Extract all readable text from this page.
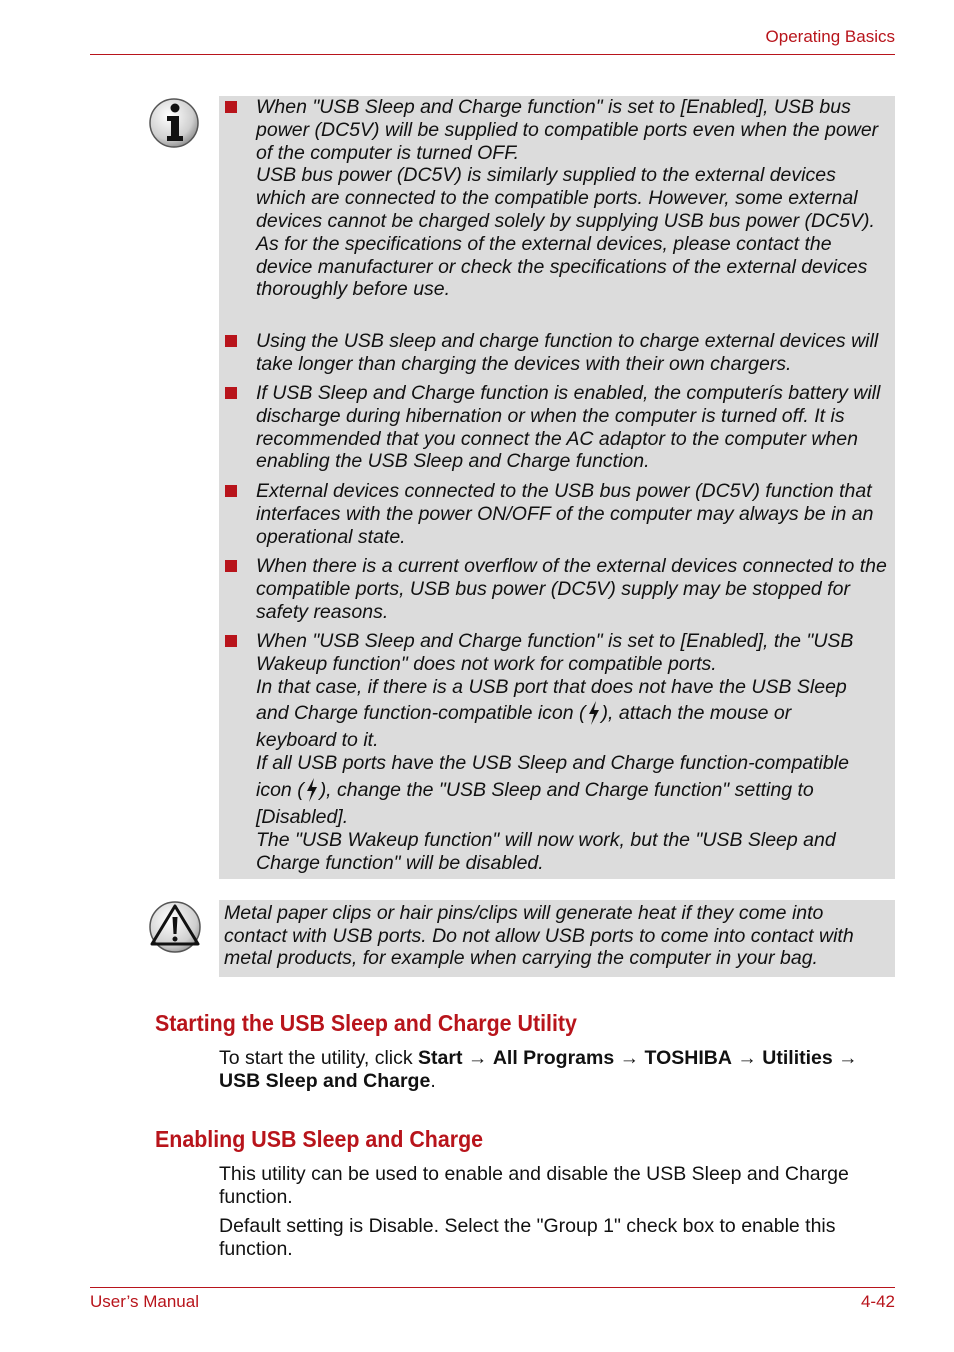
Operating Basics

When "USB Sleep and Charge function" is set to [Enabled], USB bus power (DC5V) will be supplied to compatible ports even when the power of the computer is turned OFF.

USB bus power (DC5V) is similarly supplied to the external devices which are connected to the compatible ports. However, some external devices cannot be charged solely by supplying USB bus power (DC5V).

As for the specifications of the external devices, please contact the device manufacturer or check the specifications of the external devices thoroughly before use.

Using the USB sleep and charge function to charge external devices will take longer than charging the devices with their own chargers.

If USB Sleep and Charge function is enabled, the computerís battery will discharge during hibernation or when the computer is turned off. It is recommended that you connect the AC adaptor to the computer when enabling the USB Sleep and Charge function.

External devices connected to the USB bus power (DC5V) function that interfaces with the power ON/OFF of the computer may always be in an operational state.

When there is a current overflow of the external devices connected to the compatible ports, USB bus power (DC5V) supply may be stopped for safety reasons.

When "USB Sleep and Charge function" is set to [Enabled], the "USB Wakeup function" does not work for compatible ports.

In that case, if there is a USB port that does not have the USB Sleep

and Charge function-compatible icon ( ), attach the mouse or

keyboard to it.

If all USB ports have the USB Sleep and Charge function-compatible

icon ( ), change the "USB Sleep and Charge function" setting to

[Disabled].

The "USB Wakeup function" will now work, but the "USB Sleep and Charge function" will be disabled.

Metal paper clips or hair pins/clips will generate heat if they come into contact with USB ports. Do not allow USB ports to come into contact with metal products, for example when carrying the computer in your bag.
Starting the USB Sleep and Charge Utility

To start the utility, click Start → All Programs → TOSHIBA → Utilities → USB Sleep and Charge.

Enabling USB Sleep and Charge

This utility can be used to enable and disable the USB Sleep and Charge function.

Default setting is Disable. Select the "Group 1" check box to enable this function.

User’s Manual	4-42
